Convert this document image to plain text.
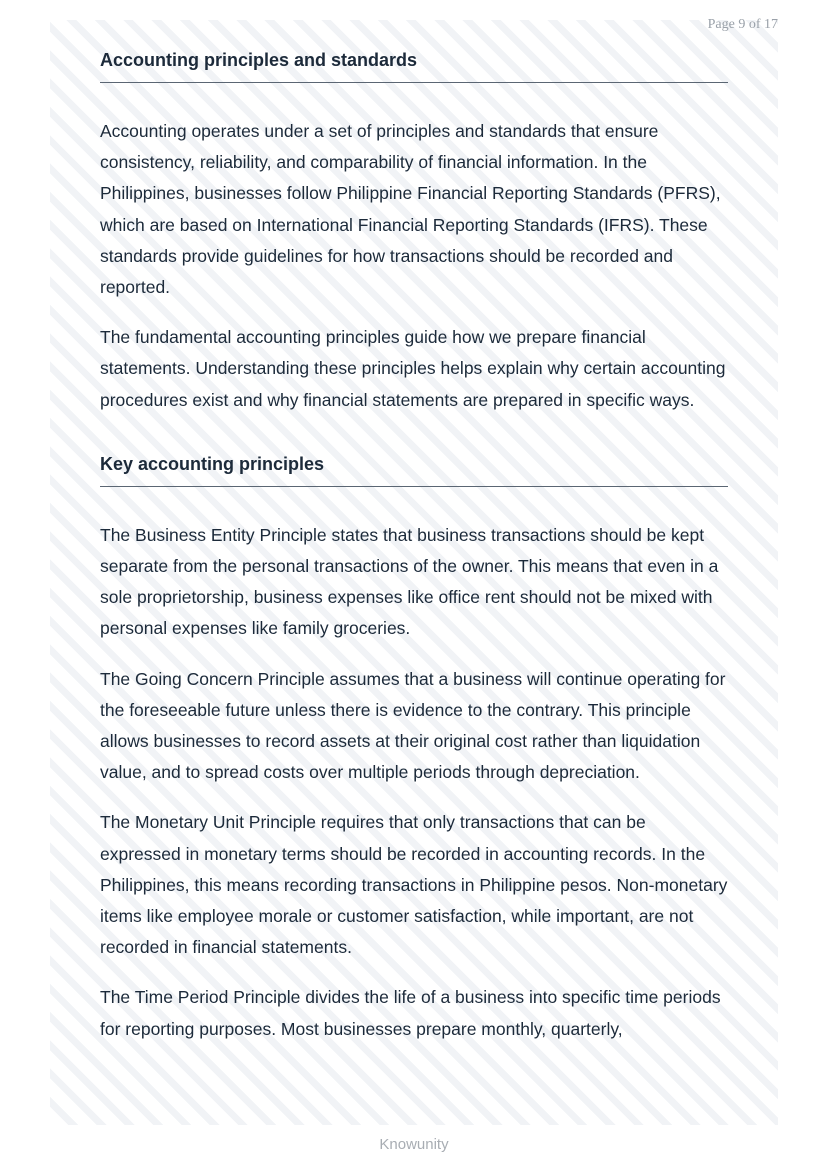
Page 9 of 17
Accounting principles and standards

Accounting operates under a set of principles and standards that ensure consistency, reliability, and comparability of financial information. In the Philippines, businesses follow Philippine Financial Reporting Standards (PFRS), which are based on International Financial Reporting Standards (IFRS). These standards provide guidelines for how transactions should be recorded and reported.

The fundamental accounting principles guide how we prepare financial statements. Understanding these principles helps explain why certain accounting procedures exist and why financial statements are prepared in specific ways.

Key accounting principles

The Business Entity Principle states that business transactions should be kept separate from the personal transactions of the owner. This means that even in a sole proprietorship, business expenses like office rent should not be mixed with personal expenses like family groceries.

The Going Concern Principle assumes that a business will continue operating for the foreseeable future unless there is evidence to the contrary. This principle allows businesses to record assets at their original cost rather than liquidation value, and to spread costs over multiple periods through depreciation.

The Monetary Unit Principle requires that only transactions that can be expressed in monetary terms should be recorded in accounting records. In the Philippines, this means recording transactions in Philippine pesos. Non-monetary items like employee morale or customer satisfaction, while important, are not recorded in financial statements.

The Time Period Principle divides the life of a business into specific time periods for reporting purposes. Most businesses prepare monthly, quarterly,

Knowunity
